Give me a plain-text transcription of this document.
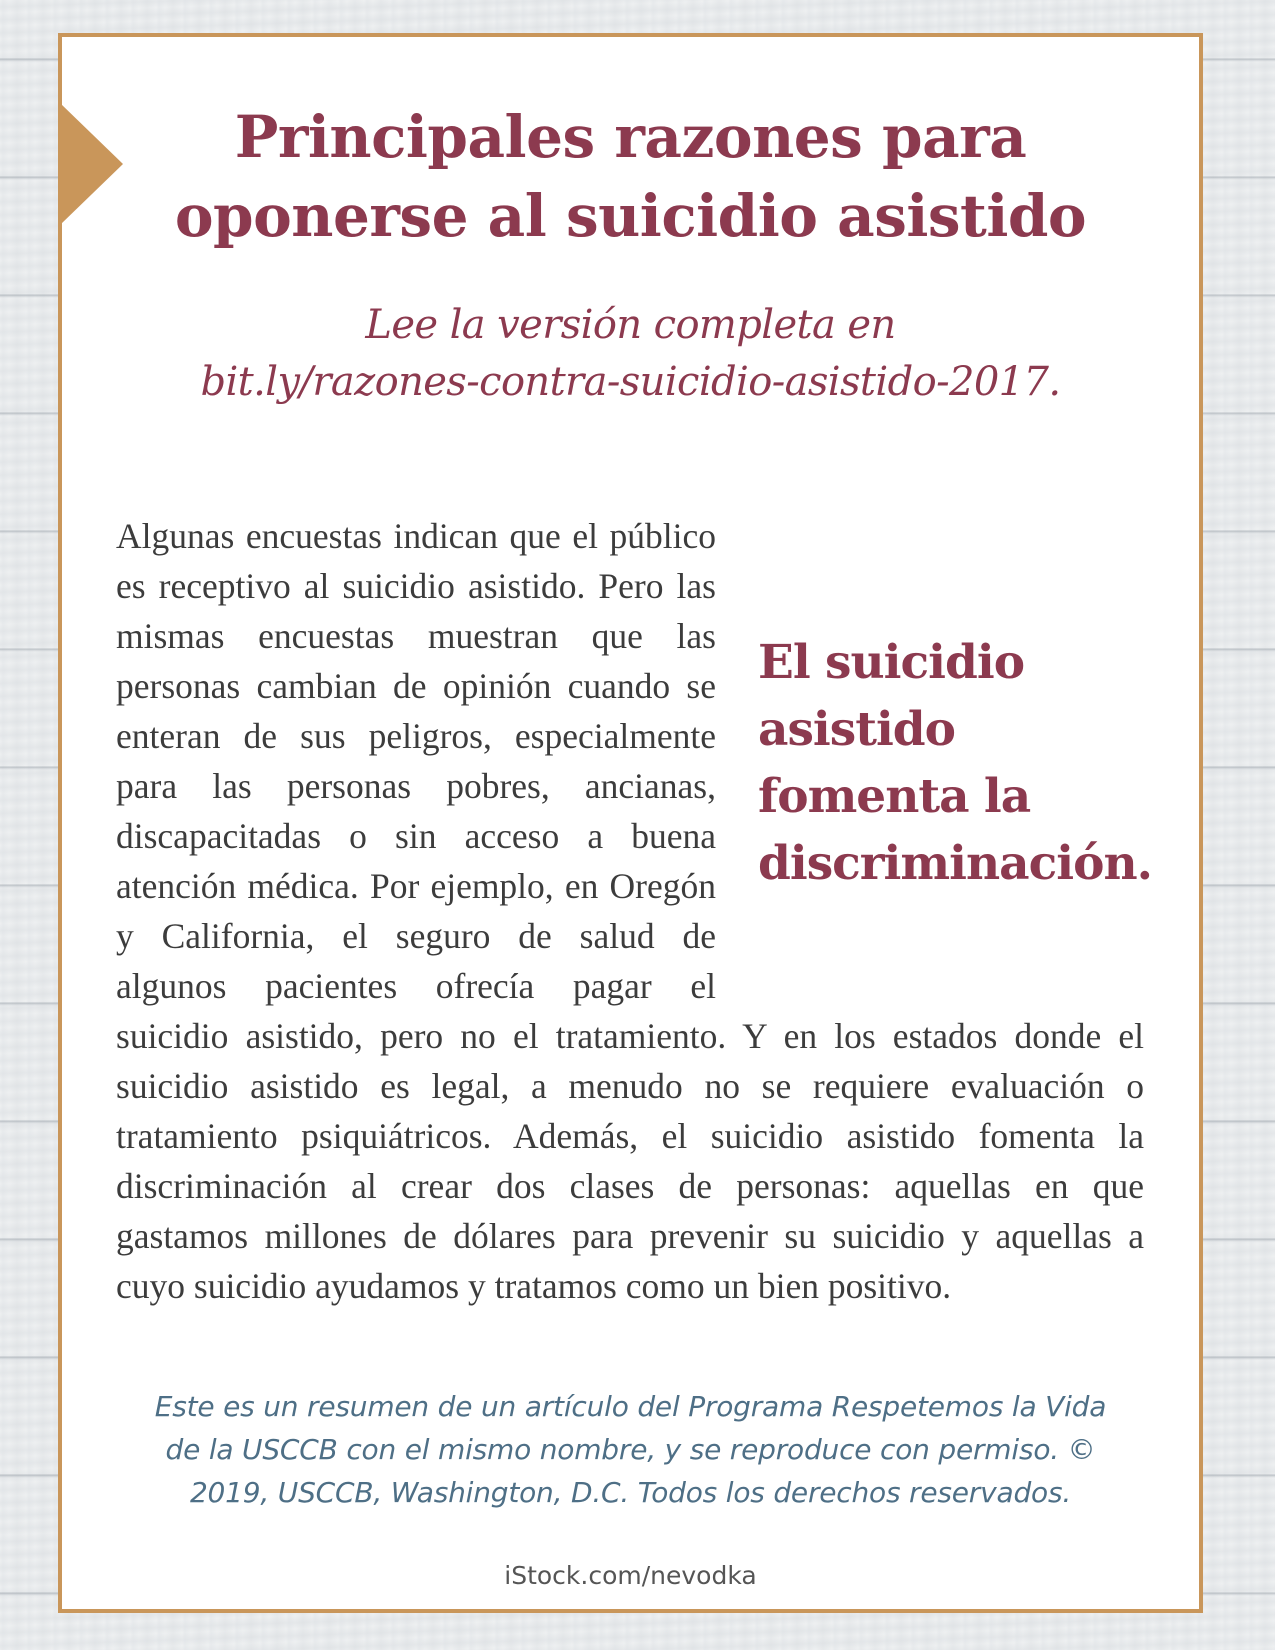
Principales razones para
oponerse al suicidio asistido

Lee la versión completa en
bit.ly/razones-contra-suicidio-asistido-2017.

El suicidio
asistido
fomenta la
discriminación.
Algunas encuestas indican que el público es receptivo al suicidio asistido. Pero las mismas encuestas muestran que las personas cambian de opinión cuando se enteran de sus peligros, especialmente para las personas pobres, ancianas, discapacitadas o sin acceso a buena atención médica. Por ejemplo, en Oregón y California, el seguro de salud de algunos pacientes ofrecía pagar el suicidio asistido, pero no el tratamiento. Y en los estados donde el suicidio asistido es legal, a menudo no se requiere evaluación o tratamiento psiquiátricos. Además, el suicidio asistido fomenta la discriminación al crear dos clases de personas: aquellas en que gastamos millones de dólares para prevenir su suicidio y aquellas a cuyo suicidio ayudamos y tratamos como un bien positivo.

Este es un resumen de un artículo del Programa Respetemos la Vida
de la USCCB con el mismo nombre, y se reproduce con permiso. ©
2019, USCCB, Washington, D.C. Todos los derechos reservados.

iStock.com/nevodka
